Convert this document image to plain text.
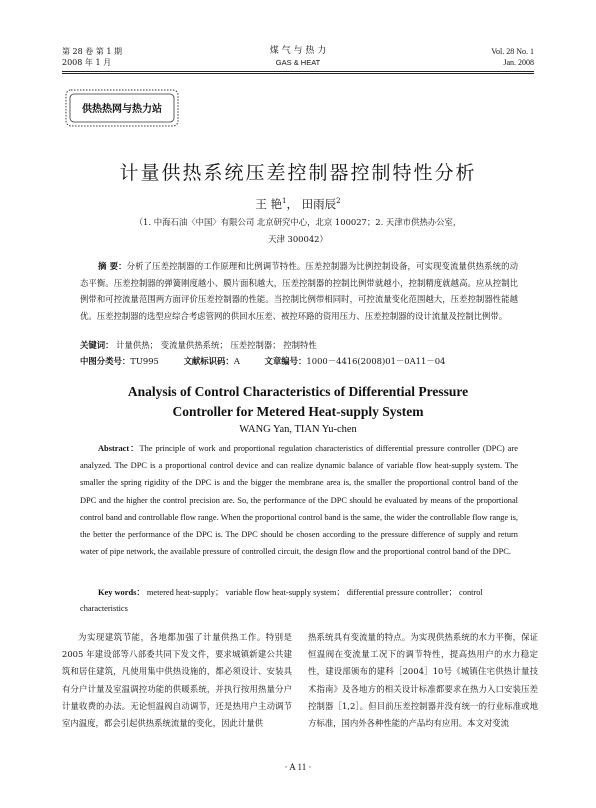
第 28 卷 第 1 期
2008 年 1 月
煤 气 与 热 力
GAS & HEAT
Vol. 28 No. 1
Jan. 2008
供热热网与热力站
计量供热系统压差控制器控制特性分析
王 艳$^1$， 田雨辰$^2$
（1. 中海石油〈中国〉有限公司 北京研究中心，北京 100027；2. 天津市供热办公室，
天津 300042）
摘 要：分析了压差控制器的工作原理和比例调节特性。压差控制器为比例控制设备，可实现变流量供热系统的动态平衡。压差控制器的弹簧刚度越小、膜片面积越大，压差控制器的控制比例带就越小，控制精度就越高。应从控制比例带和可控流量范围两方面评价压差控制器的性能。当控制比例带相同时，可控流量变化范围越大，压差控制器性能越优。压差控制器的选型应综合考虑管网的供回水压差、被控环路的资用压力、压差控制器的设计流量及控制比例带。
关键词： 计量供热； 变流量供热系统； 压差控制器； 控制特性
中图分类号：TU995	文献标识码：A	文章编号：1000－4416(2008)01－0A11－04
Analysis of Control Characteristics of Differential Pressure
Controller for Metered Heat-supply System
WANG Yan, TIAN Yu-chen
Abstract：The principle of work and proportional regulation characteristics of differential pressure controller (DPC) are analyzed. The DPC is a proportional control device and can realize dynamic balance of variable flow heat-supply system. The smaller the spring rigidity of the DPC is and the bigger the membrane area is, the smaller the proportional control band of the DPC and the higher the control precision are. So, the performance of the DPC should be evaluated by means of the proportional control band and controllable flow range. When the proportional control band is the same, the wider the controllable flow range is, the better the performance of the DPC is. The DPC should be chosen according to the pressure difference of supply and return water of pipe network, the available pressure of controlled circuit, the design flow and the proportional control band of the DPC.
Key words： metered heat-supply； variable flow heat-supply system； differential pressure controller； control characteristics
为实现建筑节能，各地都加强了计量供热工作。特别是 2005 年建设部等八部委共同下发文件，要求城镇新建公共建筑和居住建筑，凡使用集中供热设施的，都必须设计、安装具有分户计量及室温调控功能的供暖系统，并执行按用热量分户计量收费的办法。无论恒温阀自动调节，还是热用户主动调节室内温度，都会引起供热系统流量的变化，因此计量供
热系统具有变流量的特点。为实现供热系统的水力平衡，保证恒温阀在变流量工况下的调节特性，提高热用户的水力稳定性，建设部颁布的建科［2004］10号《城镇住宅供热计量技术指南》及各地方的相关设计标准都要求在热力入口安装压差控制器［1,2］。但目前压差控制器并没有统一的行业标准或地方标准，国内外各种性能的产品均有应用。本文对变流
· A 11 ·
